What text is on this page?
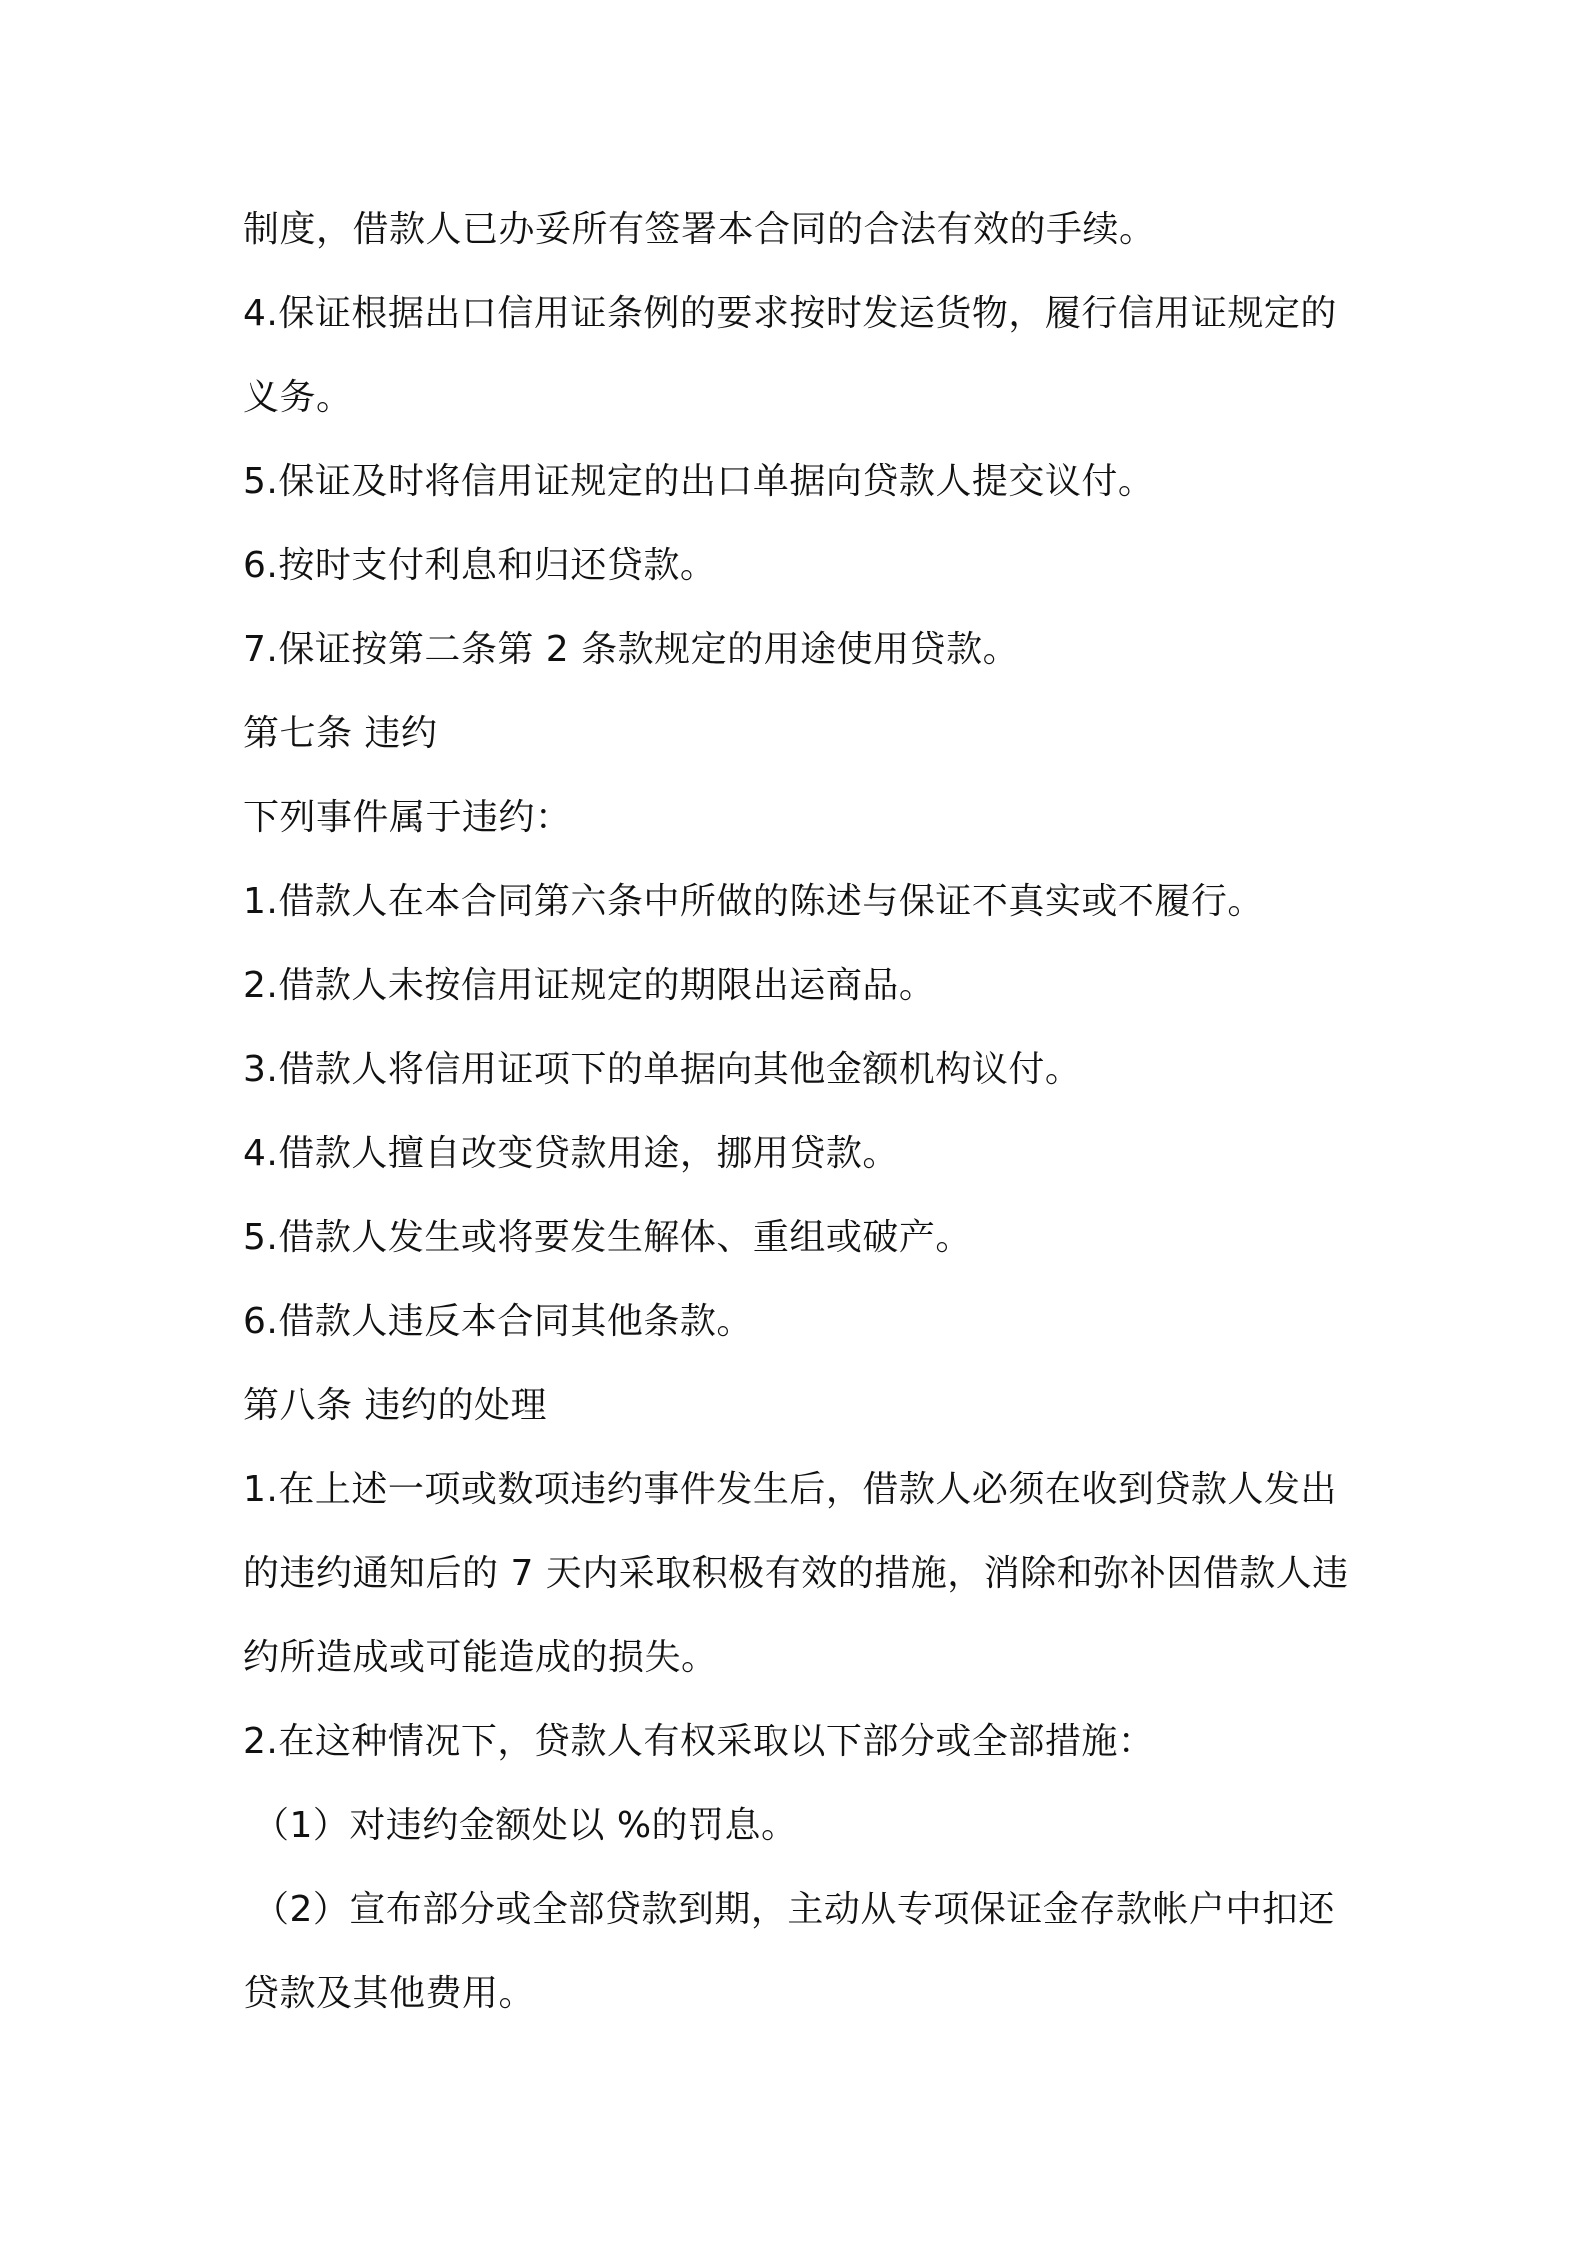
制度，借款人已办妥所有签署本合同的合法有效的手续。
4.保证根据出口信用证条例的要求按时发运货物，履行信用证规定的
义务。
5.保证及时将信用证规定的出口单据向贷款人提交议付。
6.按时支付利息和归还贷款。
7.保证按第二条第 2 条款规定的用途使用贷款。
第七条 违约
下列事件属于违约：
1.借款人在本合同第六条中所做的陈述与保证不真实或不履行。
2.借款人未按信用证规定的期限出运商品。
3.借款人将信用证项下的单据向其他金额机构议付。
4.借款人擅自改变贷款用途，挪用贷款。
5.借款人发生或将要发生解体、重组或破产。
6.借款人违反本合同其他条款。
第八条 违约的处理
1.在上述一项或数项违约事件发生后，借款人必须在收到贷款人发出
的违约通知后的 7 天内采取积极有效的措施，消除和弥补因借款人违
约所造成或可能造成的损失。
2.在这种情况下，贷款人有权采取以下部分或全部措施：
（1）对违约金额处以 %的罚息。
（2）宣布部分或全部贷款到期，主动从专项保证金存款帐户中扣还
贷款及其他费用。
